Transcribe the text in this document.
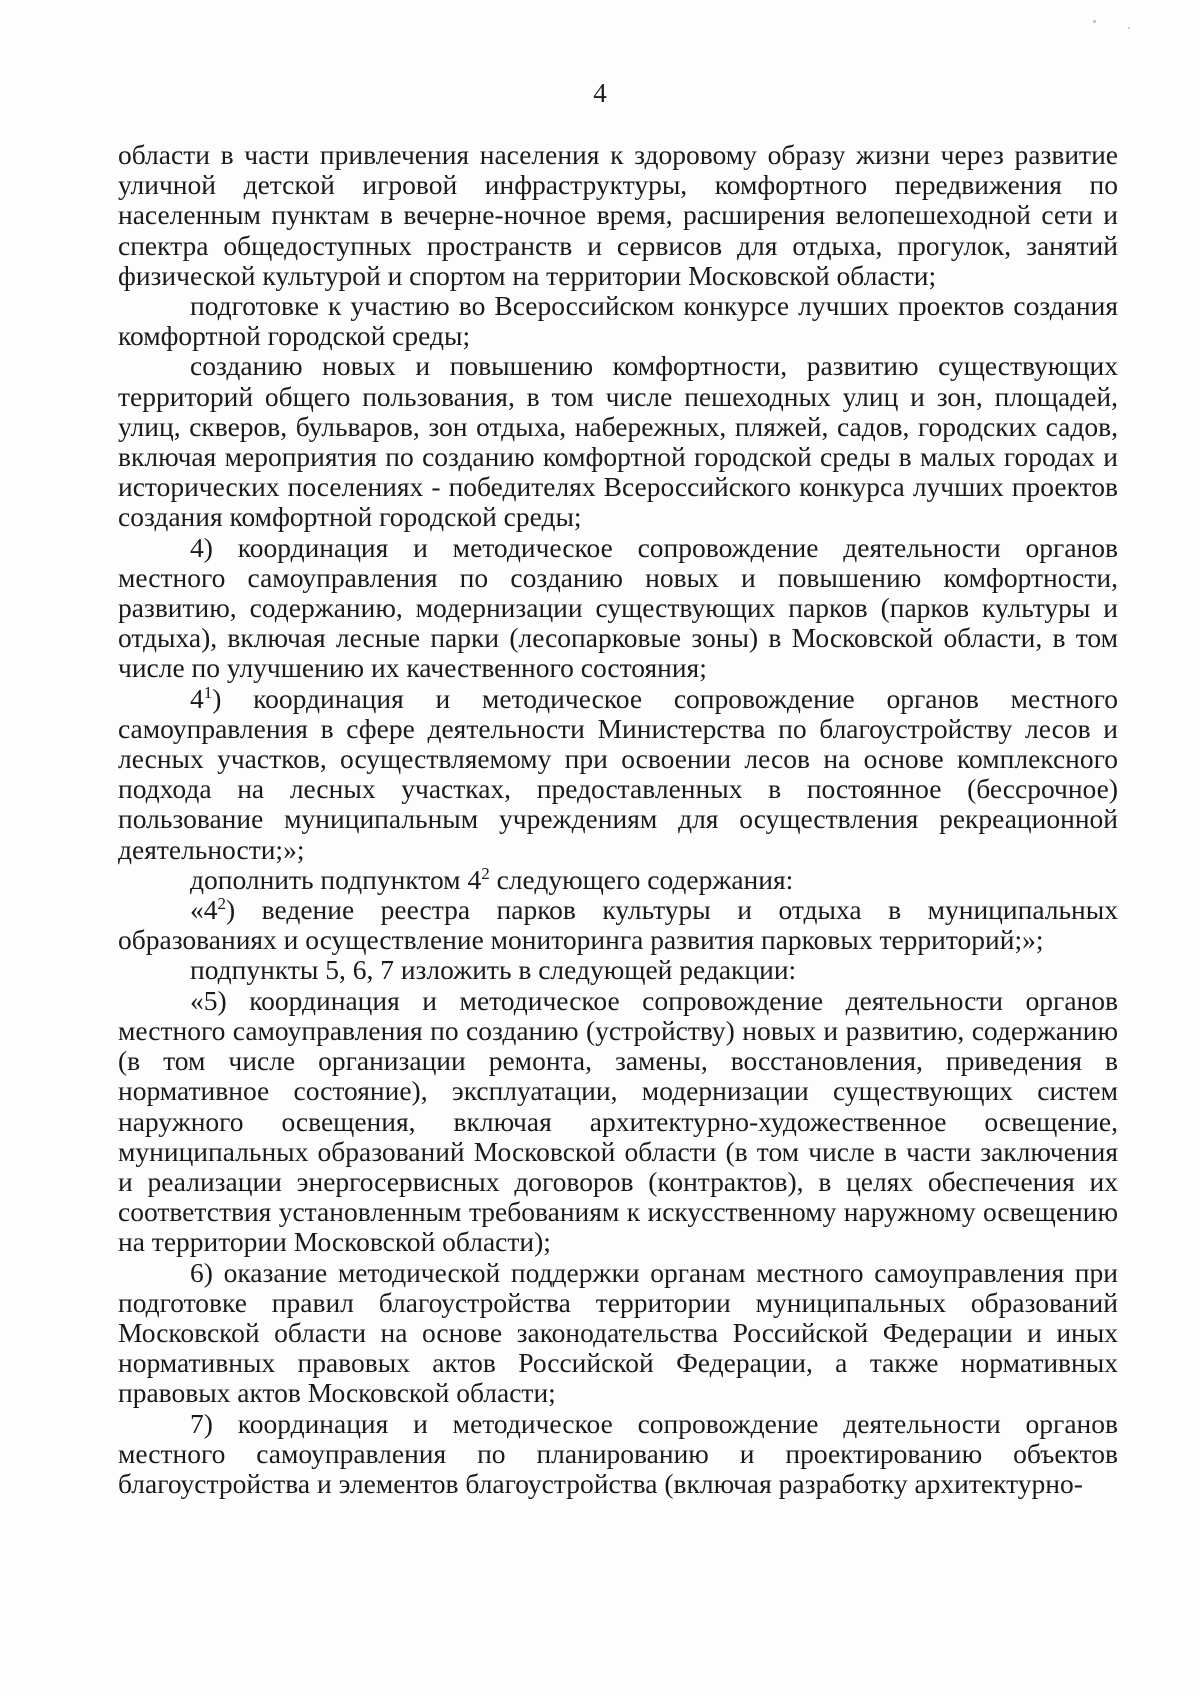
4

области в части привлечения населения к здоровому образу жизни через развитие уличной детской игровой инфраструктуры, комфортного передвижения по населенным пунктам в вечерне-ночное время, расширения велопешеходной сети и спектра общедоступных пространств и сервисов для отдыха, прогулок, занятий физической культурой и спортом на территории Московской области;

подготовке к участию во Всероссийском конкурсе лучших проектов создания комфортной городской среды;

созданию новых и повышению комфортности, развитию существующих территорий общего пользования, в том числе пешеходных улиц и зон, площадей, улиц, скверов, бульваров, зон отдыха, набережных, пляжей, садов, городских садов, включая мероприятия по созданию комфортной городской среды в малых городах и исторических поселениях - победителях Всероссийского конкурса лучших проектов создания комфортной городской среды;

4) координация и методическое сопровождение деятельности органов местного самоуправления по созданию новых и повышению комфортности, развитию, содержанию, модернизации существующих парков (парков культуры и отдыха), включая лесные парки (лесопарковые зоны) в Московской области, в том числе по улучшению их качественного состояния;

$4^1$) координация и методическое сопровождение органов местного самоуправления в сфере деятельности Министерства по благоустройству лесов и лесных участков, осуществляемому при освоении лесов на основе комплексного подхода на лесных участках, предоставленных в постоянное (бессрочное) пользование муниципальным учреждениям для осуществления рекреационной деятельности;»;

дополнить подпунктом $4^2$ следующего содержания:

«$4^2$) ведение реестра парков культуры и отдыха в муниципальных образованиях и осуществление мониторинга развития парковых территорий;»;

подпункты 5, 6, 7 изложить в следующей редакции:

«5) координация и методическое сопровождение деятельности органов местного самоуправления по созданию (устройству) новых и развитию, содержанию (в том числе организации ремонта, замены, восстановления, приведения в нормативное состояние), эксплуатации, модернизации существующих систем наружного освещения, включая архитектурно-художественное освещение, муниципальных образований Московской области (в том числе в части заключения и реализации энергосервисных договоров (контрактов), в целях обеспечения их соответствия установленным требованиям к искусственному наружному освещению на территории Московской области);

6) оказание методической поддержки органам местного самоуправления при подготовке правил благоустройства территории муниципальных образований Московской области на основе законодательства Российской Федерации и иных нормативных правовых актов Российской Федерации, а также нормативных правовых актов Московской области;

7) координация и методическое сопровождение деятельности органов местного самоуправления по планированию и проектированию объектов благоустройства и элементов благоустройства (включая разработку архитектурно-
